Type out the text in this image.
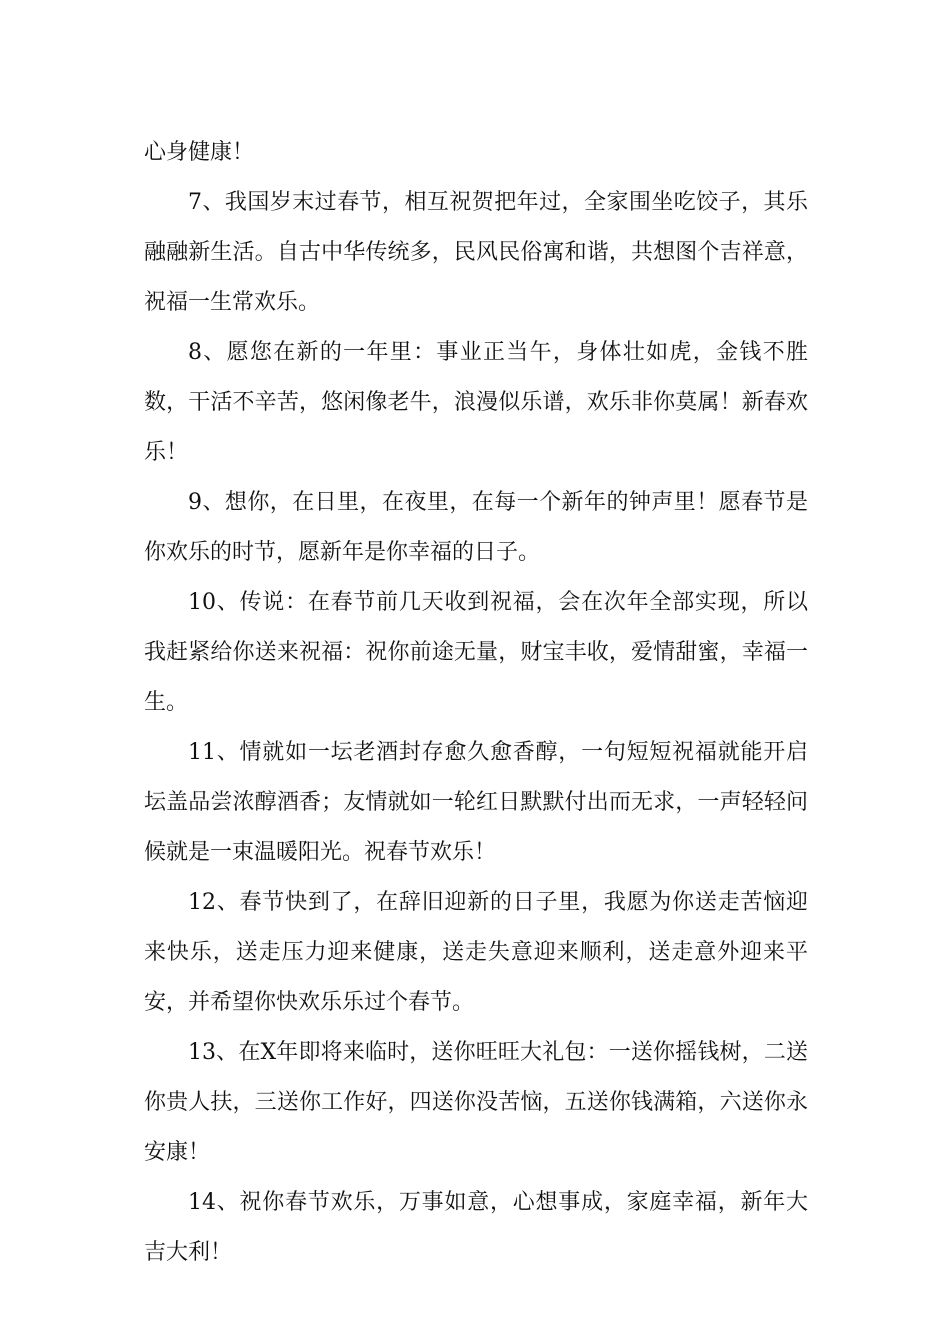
心身健康！

7、我国岁末过春节，相互祝贺把年过，全家围坐吃饺子，其乐融融新生活。自古中华传统多，民风民俗寓和谐，共想图个吉祥意，祝福一生常欢乐。

8、愿您在新的一年里：事业正当午，身体壮如虎，金钱不胜数，干活不辛苦，悠闲像老牛，浪漫似乐谱，欢乐非你莫属！新春欢乐！

9、想你，在日里，在夜里，在每一个新年的钟声里！愿春节是你欢乐的时节，愿新年是你幸福的日子。

10、传说：在春节前几天收到祝福，会在次年全部实现，所以我赶紧给你送来祝福：祝你前途无量，财宝丰收，爱情甜蜜，幸福一生。

11、情就如一坛老酒封存愈久愈香醇，一句短短祝福就能开启坛盖品尝浓醇酒香；友情就如一轮红日默默付出而无求，一声轻轻问候就是一束温暖阳光。祝春节欢乐！

12、春节快到了，在辞旧迎新的日子里，我愿为你送走苦恼迎来快乐，送走压力迎来健康，送走失意迎来顺利，送走意外迎来平安，并希望你快欢乐乐过个春节。

13、在X年即将来临时，送你旺旺大礼包：一送你摇钱树，二送你贵人扶，三送你工作好，四送你没苦恼，五送你钱满箱，六送你永安康！

14、祝你春节欢乐，万事如意，心想事成，家庭幸福，新年大吉大利！
